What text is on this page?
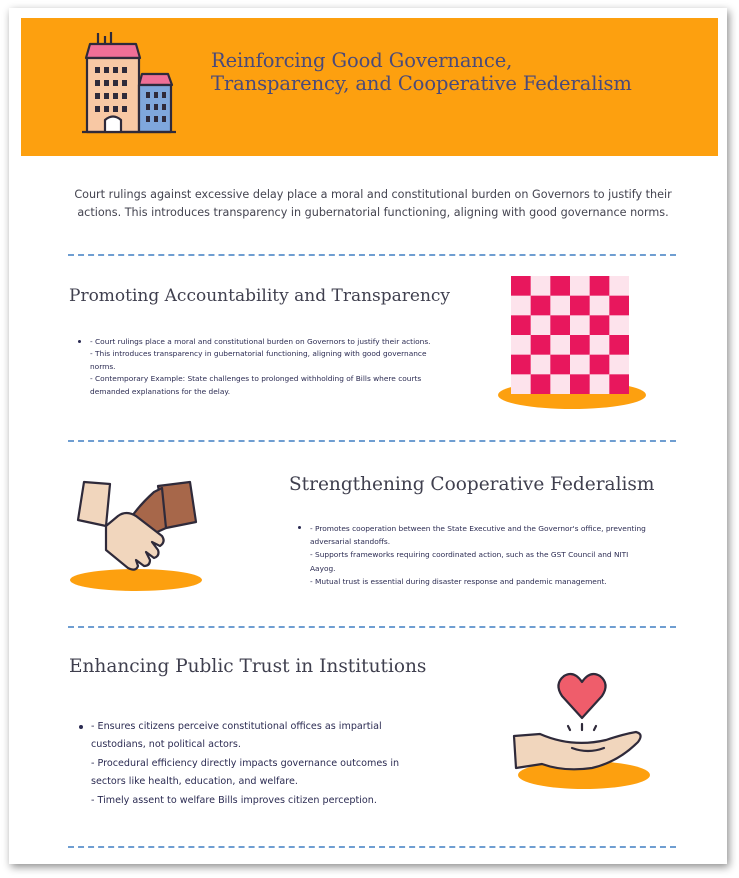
Reinforcing Good Governance,
Transparency, and Cooperative Federalism
Court rulings against excessive delay place a moral and constitutional burden on Governors to justify their actions. This introduces transparency in gubernatorial functioning, aligning with good governance norms.
Promoting Accountability and Transparency

- Court rulings place a moral and constitutional burden on Governors to justify their actions.

- This introduces transparency in gubernatorial functioning, aligning with good governance

norms.

- Contemporary Example: State challenges to prolonged withholding of Bills where courts

demanded explanations for the delay.

Strengthening Cooperative Federalism

- Promotes cooperation between the State Executive and the Governor's office, preventing

adversarial standoffs.

- Supports frameworks requiring coordinated action, such as the GST Council and NITI

Aayog.

- Mutual trust is essential during disaster response and pandemic management.

Enhancing Public Trust in Institutions

- Ensures citizens perceive constitutional offices as impartial

custodians, not political actors.

- Procedural efficiency directly impacts governance outcomes in

sectors like health, education, and welfare.

- Timely assent to welfare Bills improves citizen perception.
